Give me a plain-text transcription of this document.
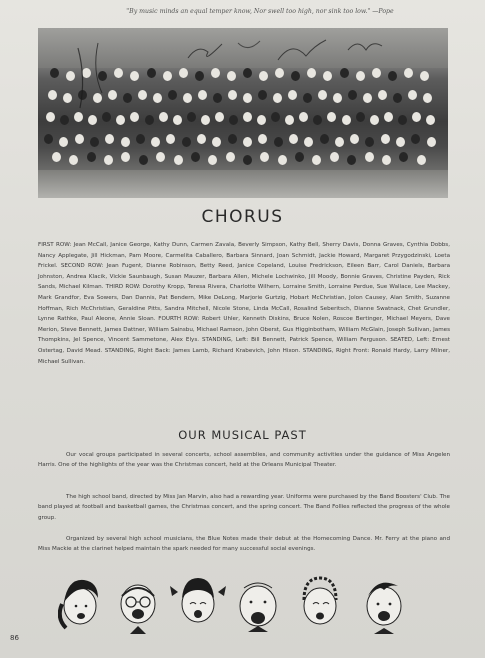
"By music minds an equal temper know, Nor swell too high, nor sink too low." —Pope
CHORUS
FIRST ROW: Jean McCall, Janice George, Kathy Dunn, Carmen Zavala, Beverly Simpson, Kathy Bell, Sherry Davis, Donna Graves, Cynthia Dobbs, Nancy Applegate, Jill Hickman, Pam Moore, Carmelita Caballero, Barbara Sinnard, Joan Schmidt, Jackie Howard, Margaret Przygodzinski, Loeta Frickel. SECOND ROW: Jean Fugent, Dianne Robinson, Betty Reed, Janice Copeland, Louise Fredrickson, Eileen Barr, Carol Daniels, Barbara Johnston, Andrea Klacik, Vickie Saunbaugh, Susan Mauzer, Barbara Allen, Michele Lochwinko, Jill Moody, Bonnie Graves, Christine Payden, Rick Sands, Michael Kilman. THIRD ROW: Dorothy Kropp, Teresa Rivera, Charlotte Wilhern, Lorraine Smith, Lorraine Perdue, Sue Wallace, Lee Mackey, Mark Grandfor, Eva Sowers, Dan Dannis, Pat Bendern, Mike DeLong, Marjorie Gurtzig, Hobart McChristian, Jolon Causey, Alan Smith, Suzanne Hoffman, Rich McChristian, Geraldine Pitts, Sandra Mitchell, Nicole Stone, Linda McCall, Rosalind Seberitsch, Dianne Swatnack, Chet Grundler, Lynne Rathke, Paul Aleone, Annie Sloan. FOURTH ROW: Robert Uhler, Kenneth Diskins, Bruce Nolen, Roscoe Bertinger, Michael Meyers, Dave Merion, Steve Bennett, James Dattner, William Sainsbu, Michael Ramson, John Oberst, Gus Higginbotham, William McGlain, Joseph Sullivan, James Thompkins, Jel Spence, Vincent Sammetone, Alex Elys. STANDING, Left: Bill Bennett, Patrick Spence, William Ferguson. SEATED, Left: Ernest Ostertag, David Mead. STANDING, Right Back: James Lamb, Richard Krabevich, John Hixon. STANDING, Right Front: Ronald Hardy, Larry Milner, Michael Sullivan.
OUR MUSICAL PAST
Our vocal groups participated in several concerts, school assemblies, and community activities under the guidance of Miss Angelen Harris. One of the highlights of the year was the Christmas concert, held at the Orleans Municipal Theater.
The high school band, directed by Miss Jan Marvin, also had a rewarding year. Uniforms were purchased by the Band Boosters' Club. The band played at football and basketball games, the Christmas concert, and the spring concert. The Band Follies reflected the progress of the whole group.
Organized by several high school musicians, the Blue Notes made their debut at the Homecoming Dance. Mr. Ferry at the piano and Miss Mackie at the clarinet helped maintain the spark needed for many successful social evenings.
86
